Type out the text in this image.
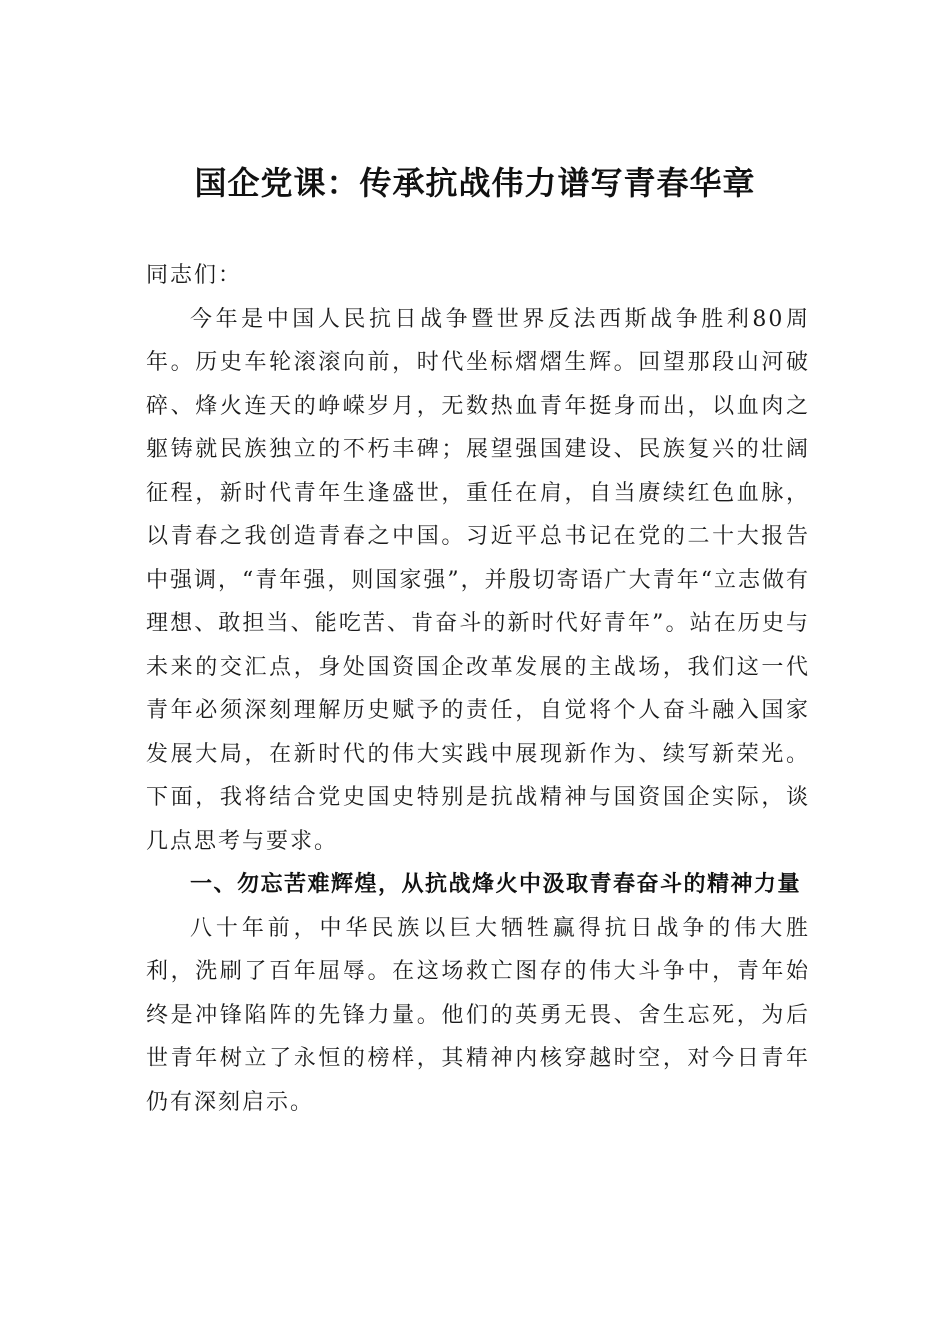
国企党课：传承抗战伟力谱写青春华章

同志们：

今年是中国人民抗日战争暨世界反法西斯战争胜利80周年。历史车轮滚滚向前，时代坐标熠熠生辉。回望那段山河破碎、烽火连天的峥嵘岁月，无数热血青年挺身而出，以血肉之躯铸就民族独立的不朽丰碑；展望强国建设、民族复兴的壮阔征程，新时代青年生逢盛世，重任在肩，自当赓续红色血脉，以青春之我创造青春之中国。习近平总书记在党的二十大报告中强调，“青年强，则国家强”，并殷切寄语广大青年“立志做有理想、敢担当、能吃苦、肯奋斗的新时代好青年”。站在历史与未来的交汇点，身处国资国企改革发展的主战场，我们这一代青年必须深刻理解历史赋予的责任，自觉将个人奋斗融入国家发展大局，在新时代的伟大实践中展现新作为、续写新荣光。下面，我将结合党史国史特别是抗战精神与国资国企实际，谈几点思考与要求。

一、勿忘苦难辉煌，从抗战烽火中汲取青春奋斗的精神力量

八十年前，中华民族以巨大牺牲赢得抗日战争的伟大胜利，洗刷了百年屈辱。在这场救亡图存的伟大斗争中，青年始终是冲锋陷阵的先锋力量。他们的英勇无畏、舍生忘死，为后世青年树立了永恒的榜样，其精神内核穿越时空，对今日青年仍有深刻启示。
